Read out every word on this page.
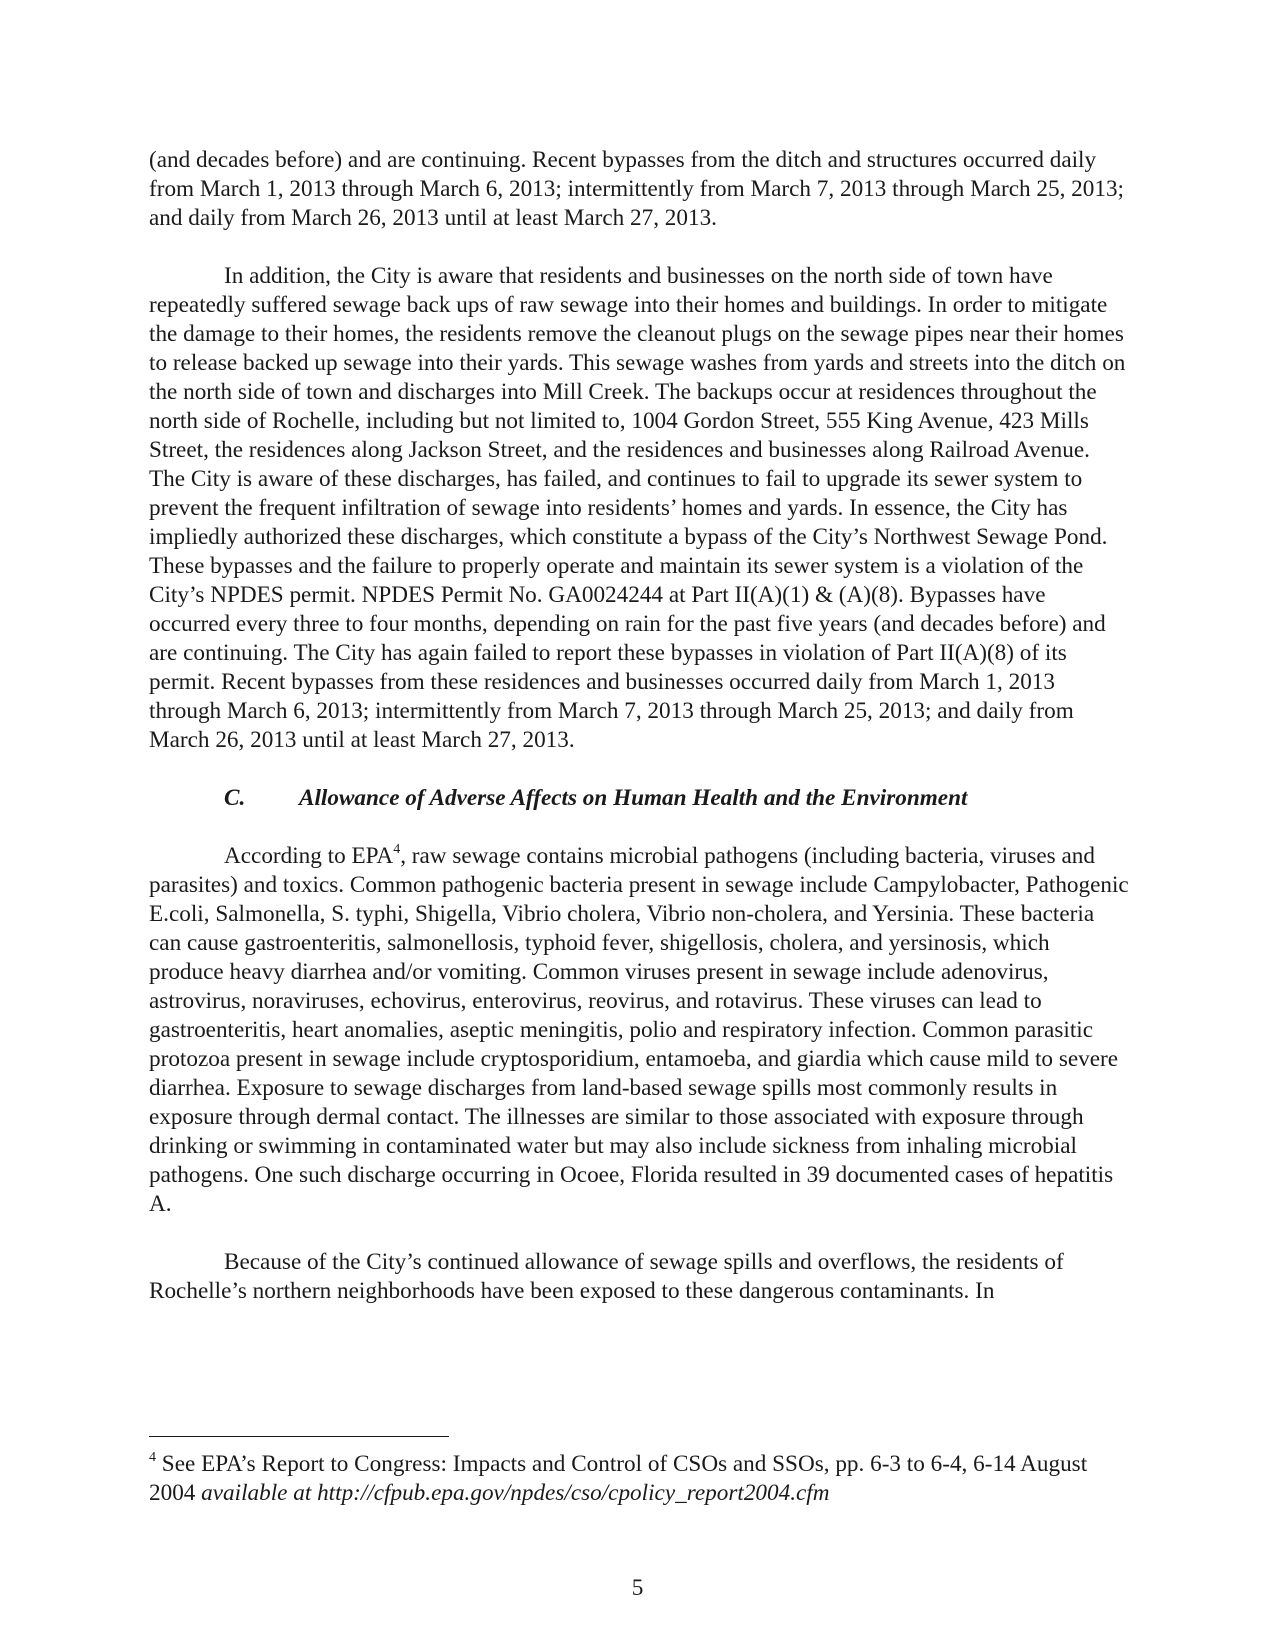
(and decades before) and are continuing. Recent bypasses from the ditch and structures occurred daily from March 1, 2013 through March 6, 2013; intermittently from March 7, 2013 through March 25, 2013; and daily from March 26, 2013 until at least March 27, 2013.

In addition, the City is aware that residents and businesses on the north side of town have repeatedly suffered sewage back ups of raw sewage into their homes and buildings. In order to mitigate the damage to their homes, the residents remove the cleanout plugs on the sewage pipes near their homes to release backed up sewage into their yards. This sewage washes from yards and streets into the ditch on the north side of town and discharges into Mill Creek. The backups occur at residences throughout the north side of Rochelle, including but not limited to, 1004 Gordon Street, 555 King Avenue, 423 Mills Street, the residences along Jackson Street, and the residences and businesses along Railroad Avenue. The City is aware of these discharges, has failed, and continues to fail to upgrade its sewer system to prevent the frequent infiltration of sewage into residents’ homes and yards. In essence, the City has impliedly authorized these discharges, which constitute a bypass of the City’s Northwest Sewage Pond. These bypasses and the failure to properly operate and maintain its sewer system is a violation of the City’s NPDES permit. NPDES Permit No. GA0024244 at Part II(A)(1) & (A)(8). Bypasses have occurred every three to four months, depending on rain for the past five years (and decades before) and are continuing. The City has again failed to report these bypasses in violation of Part II(A)(8) of its permit. Recent bypasses from these residences and businesses occurred daily from March 1, 2013 through March 6, 2013; intermittently from March 7, 2013 through March 25, 2013; and daily from March 26, 2013 until at least March 27, 2013.

C. Allowance of Adverse Affects on Human Health and the Environment

According to EPA$^4$, raw sewage contains microbial pathogens (including bacteria, viruses and parasites) and toxics. Common pathogenic bacteria present in sewage include Campylobacter, Pathogenic E.coli, Salmonella, S. typhi, Shigella, Vibrio cholera, Vibrio non-cholera, and Yersinia. These bacteria can cause gastroenteritis, salmonellosis, typhoid fever, shigellosis, cholera, and yersinosis, which produce heavy diarrhea and/or vomiting. Common viruses present in sewage include adenovirus, astrovirus, noraviruses, echovirus, enterovirus, reovirus, and rotavirus. These viruses can lead to gastroenteritis, heart anomalies, aseptic meningitis, polio and respiratory infection. Common parasitic protozoa present in sewage include cryptosporidium, entamoeba, and giardia which cause mild to severe diarrhea. Exposure to sewage discharges from land-based sewage spills most commonly results in exposure through dermal contact. The illnesses are similar to those associated with exposure through drinking or swimming in contaminated water but may also include sickness from inhaling microbial pathogens. One such discharge occurring in Ocoee, Florida resulted in 39 documented cases of hepatitis A.

Because of the City’s continued allowance of sewage spills and overflows, the residents of Rochelle’s northern neighborhoods have been exposed to these dangerous contaminants. In

$^4$ See EPA’s Report to Congress: Impacts and Control of CSOs and SSOs, pp. 6-3 to 6-4, 6-14 August 2004 available at http://cfpub.epa.gov/npdes/cso/cpolicy_report2004.cfm
5
